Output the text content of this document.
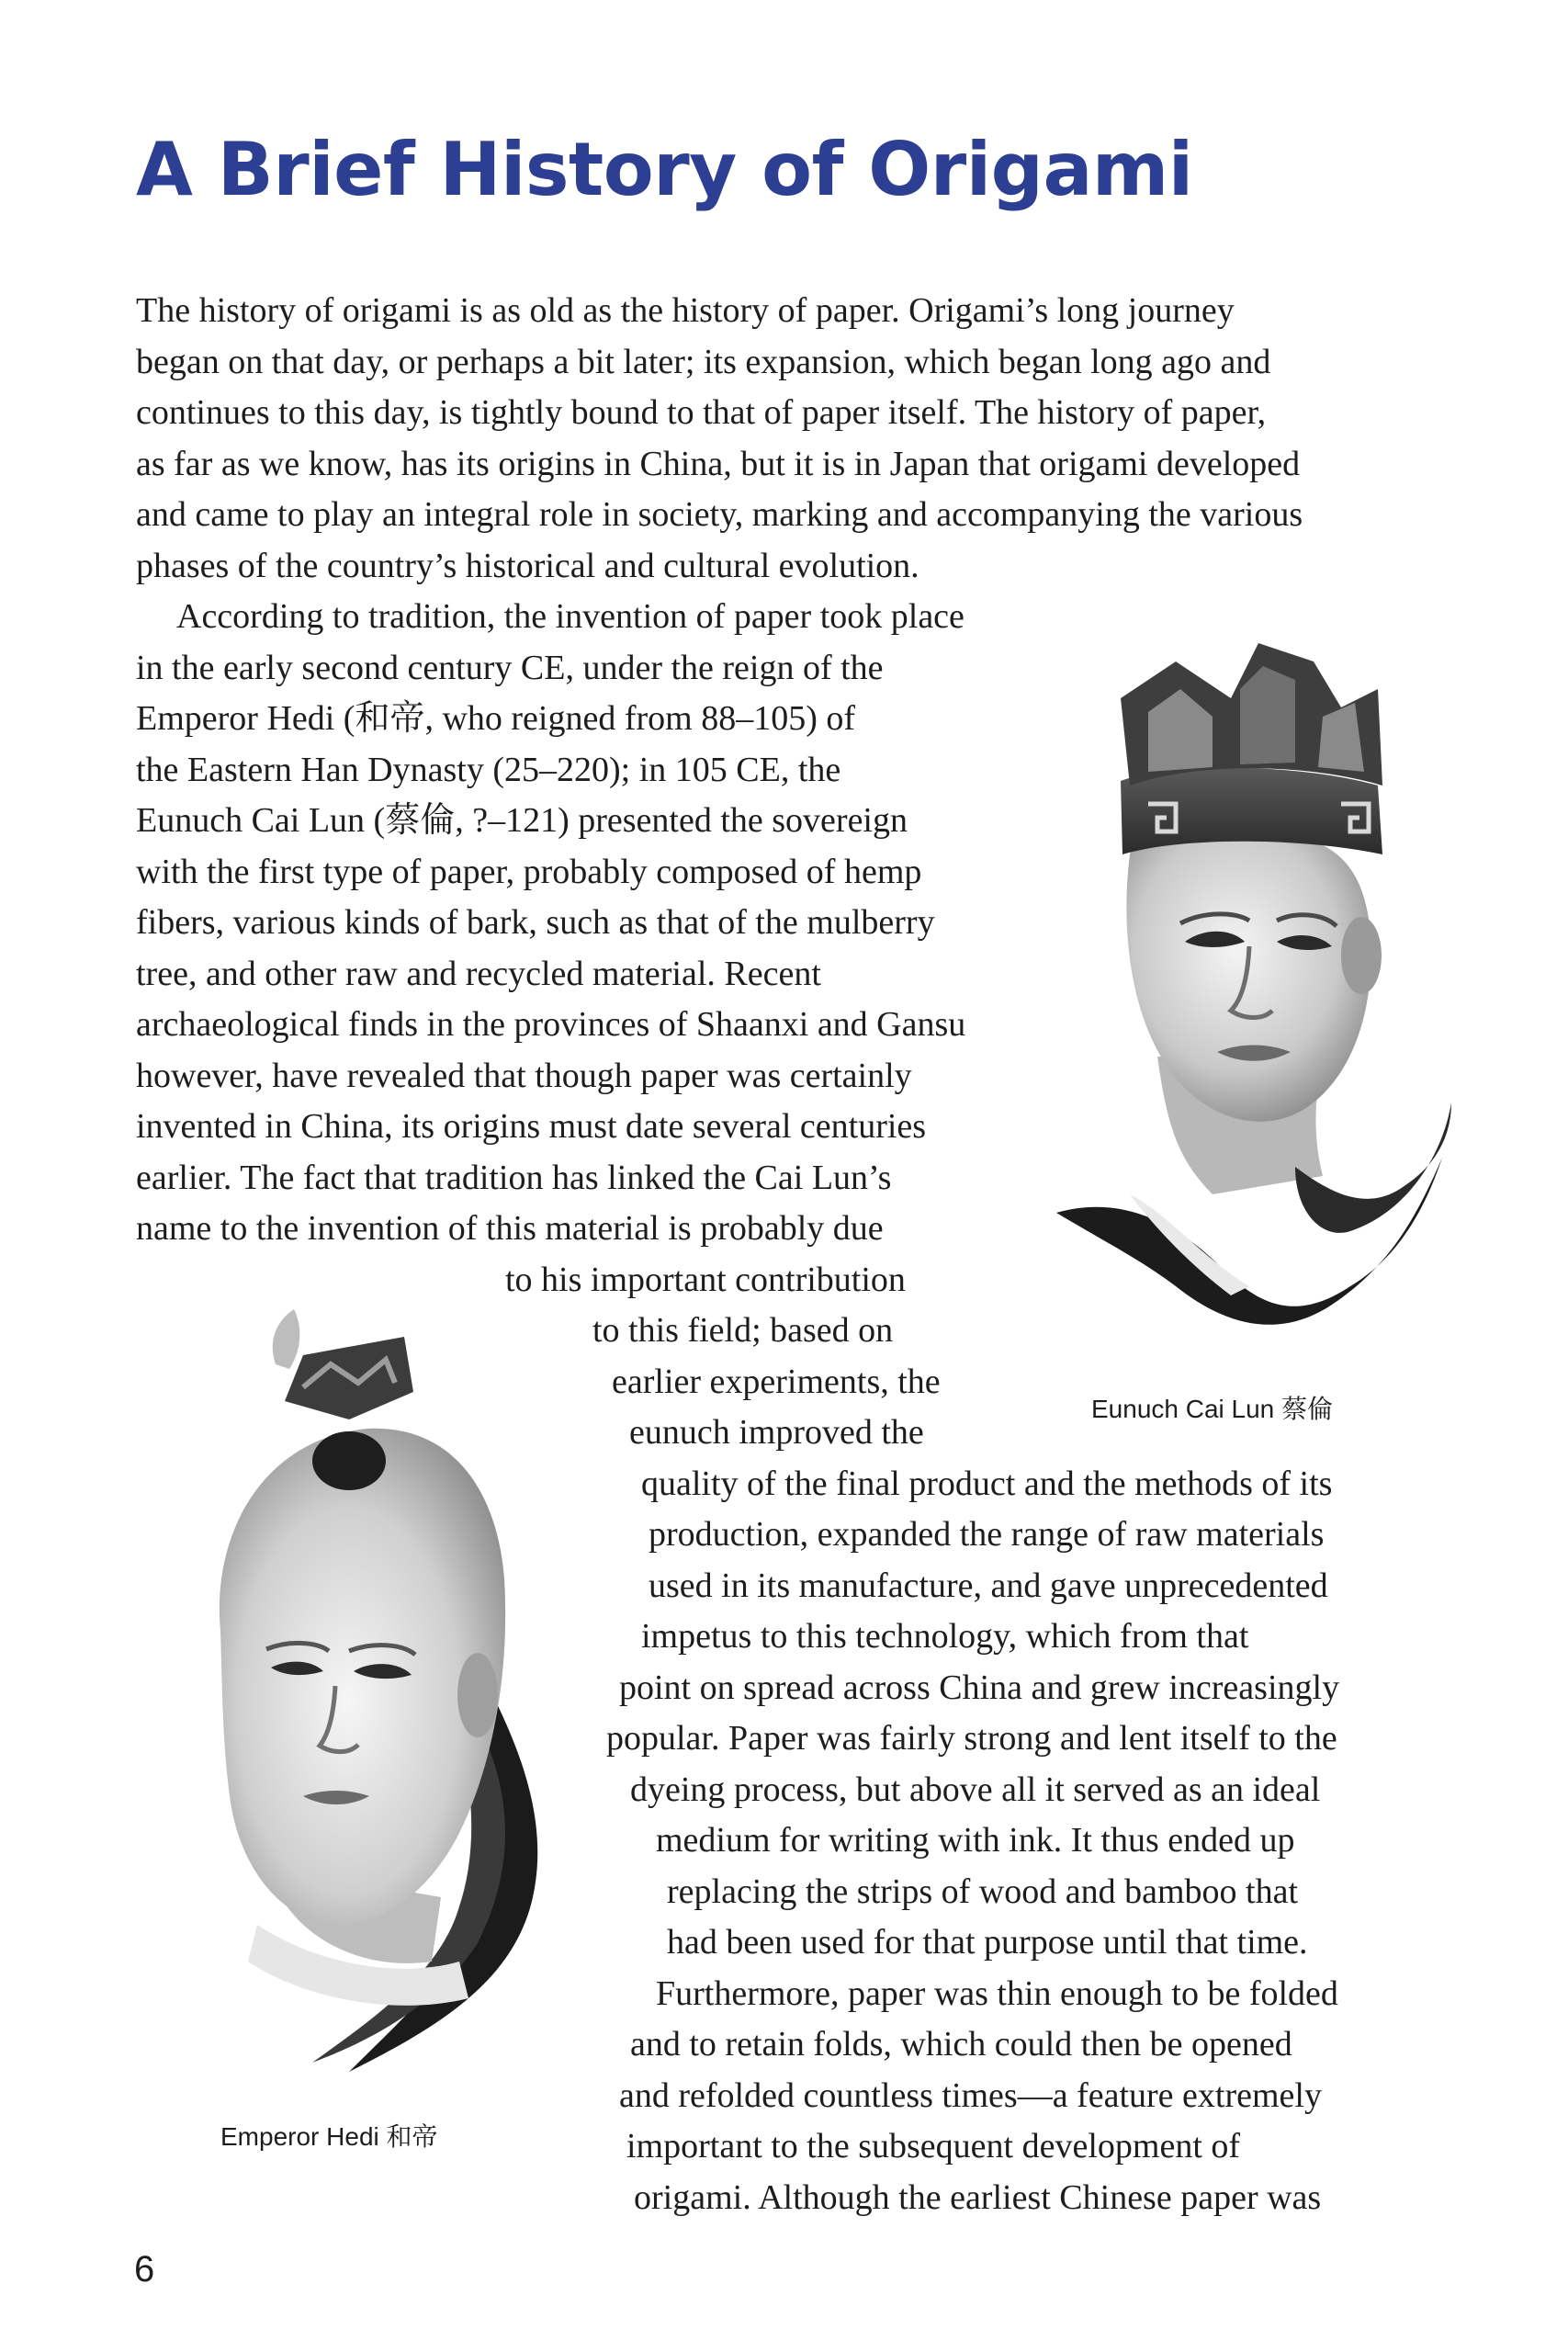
A Brief History of Origami
The history of origami is as old as the history of paper. Origami’s long journey
began on that day, or perhaps a bit later; its expansion, which began long ago and
continues to this day, is tightly bound to that of paper itself. The history of paper,
as far as we know, has its origins in China, but it is in Japan that origami developed
and came to play an integral role in society, marking and accompanying the various
phases of the country’s historical and cultural evolution.
According to tradition, the invention of paper took place
in the early second century CE, under the reign of the
Emperor Hedi (和帝, who reigned from 88–105) of
the Eastern Han Dynasty (25–220); in 105 CE, the
Eunuch Cai Lun (蔡倫, ?–121) presented the sovereign
with the first type of paper, probably composed of hemp
fibers, various kinds of bark, such as that of the mulberry
tree, and other raw and recycled material. Recent
archaeological finds in the provinces of Shaanxi and Gansu
however, have revealed that though paper was certainly
invented in China, its origins must date several centuries
earlier. The fact that tradition has linked the Cai Lun’s
name to the invention of this material is probably due
to his important contribution
to this field; based on
earlier experiments, the
eunuch improved the
quality of the final product and the methods of its
production, expanded the range of raw materials
used in its manufacture, and gave unprecedented
impetus to this technology, which from that
point on spread across China and grew increasingly
popular. Paper was fairly strong and lent itself to the
dyeing process, but above all it served as an ideal
medium for writing with ink. It thus ended up
replacing the strips of wood and bamboo that
had been used for that purpose until that time.
Furthermore, paper was thin enough to be folded
and to retain folds, which could then be opened
and refolded countless times—a feature extremely
important to the subsequent development of
origami. Although the earliest Chinese paper was
Eunuch Cai Lun 蔡倫
Emperor Hedi 和帝
6
